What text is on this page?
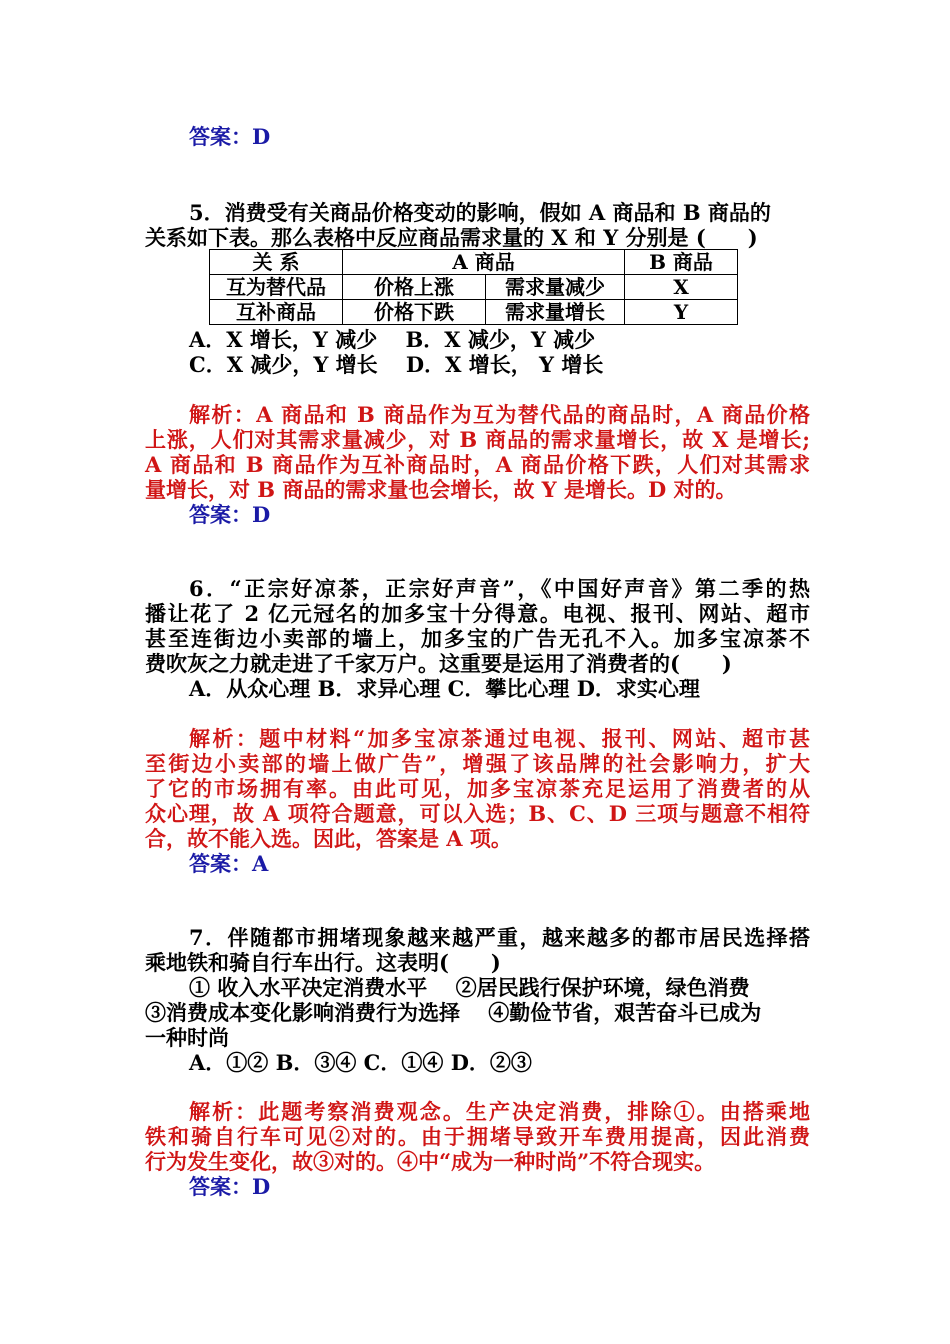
答案：D
5．消费受有关商品价格变动的影响，假如 A 商品和 B 商品的
关系如下表。那么表格中反应商品需求量的 X 和 Y 分别是 (　　)
关 系	A 商品		B 商品
互为替代品	价格上涨	需求量减少	X
互补商品	价格下跌	需求量增长	Y
A．X 增长，Y 减少　 B．X 减少，Y 减少
C．X 减少，Y 增长　 D．X 增长， Y 增长
解析：A 商品和 B 商品作为互为替代品的商品时，A 商品价格
上涨，人们对其需求量减少，对 B 商品的需求量增长，故 X 是增长;
A 商品和 B 商品作为互补商品时，A 商品价格下跌，人们对其需求
量增长，对 B 商品的需求量也会增长，故 Y 是增长。D 对的。
答案：D
6．“正宗好凉茶，正宗好声音”，《中国好声音》第二季的热
播让花了 2 亿元冠名的加多宝十分得意。电视、报刊、网站、超市
甚至连街边小卖部的墙上，加多宝的广告无孔不入。加多宝凉茶不
费吹灰之力就走进了千家万户。这重要是运用了消费者的(　　)
A．从众心理 B．求异心理 C．攀比心理 D．求实心理
解析：题中材料“加多宝凉茶通过电视、报刊、网站、超市甚
至街边小卖部的墙上做广告”，增强了该品牌的社会影响力，扩大
了它的市场拥有率。由此可见，加多宝凉茶充足运用了消费者的从
众心理，故 A 项符合题意，可以入选；B、C、D 三项与题意不相符
合，故不能入选。因此，答案是 A 项。
答案：A
7．伴随都市拥堵现象越来越严重，越来越多的都市居民选择搭
乘地铁和骑自行车出行。这表明(　　)
① 收入水平决定消费水平　 ②居民践行保护环境，绿色消费
③消费成本变化影响消费行为选择　 ④勤俭节省，艰苦奋斗已成为
一种时尚
A．①② B．③④ C．①④ D．②③
解析：此题考察消费观念。生产决定消费，排除①。由搭乘地
铁和骑自行车可见②对的。由于拥堵导致开车费用提高，因此消费
行为发生变化，故③对的。④中“成为一种时尚”不符合现实。
答案：D
